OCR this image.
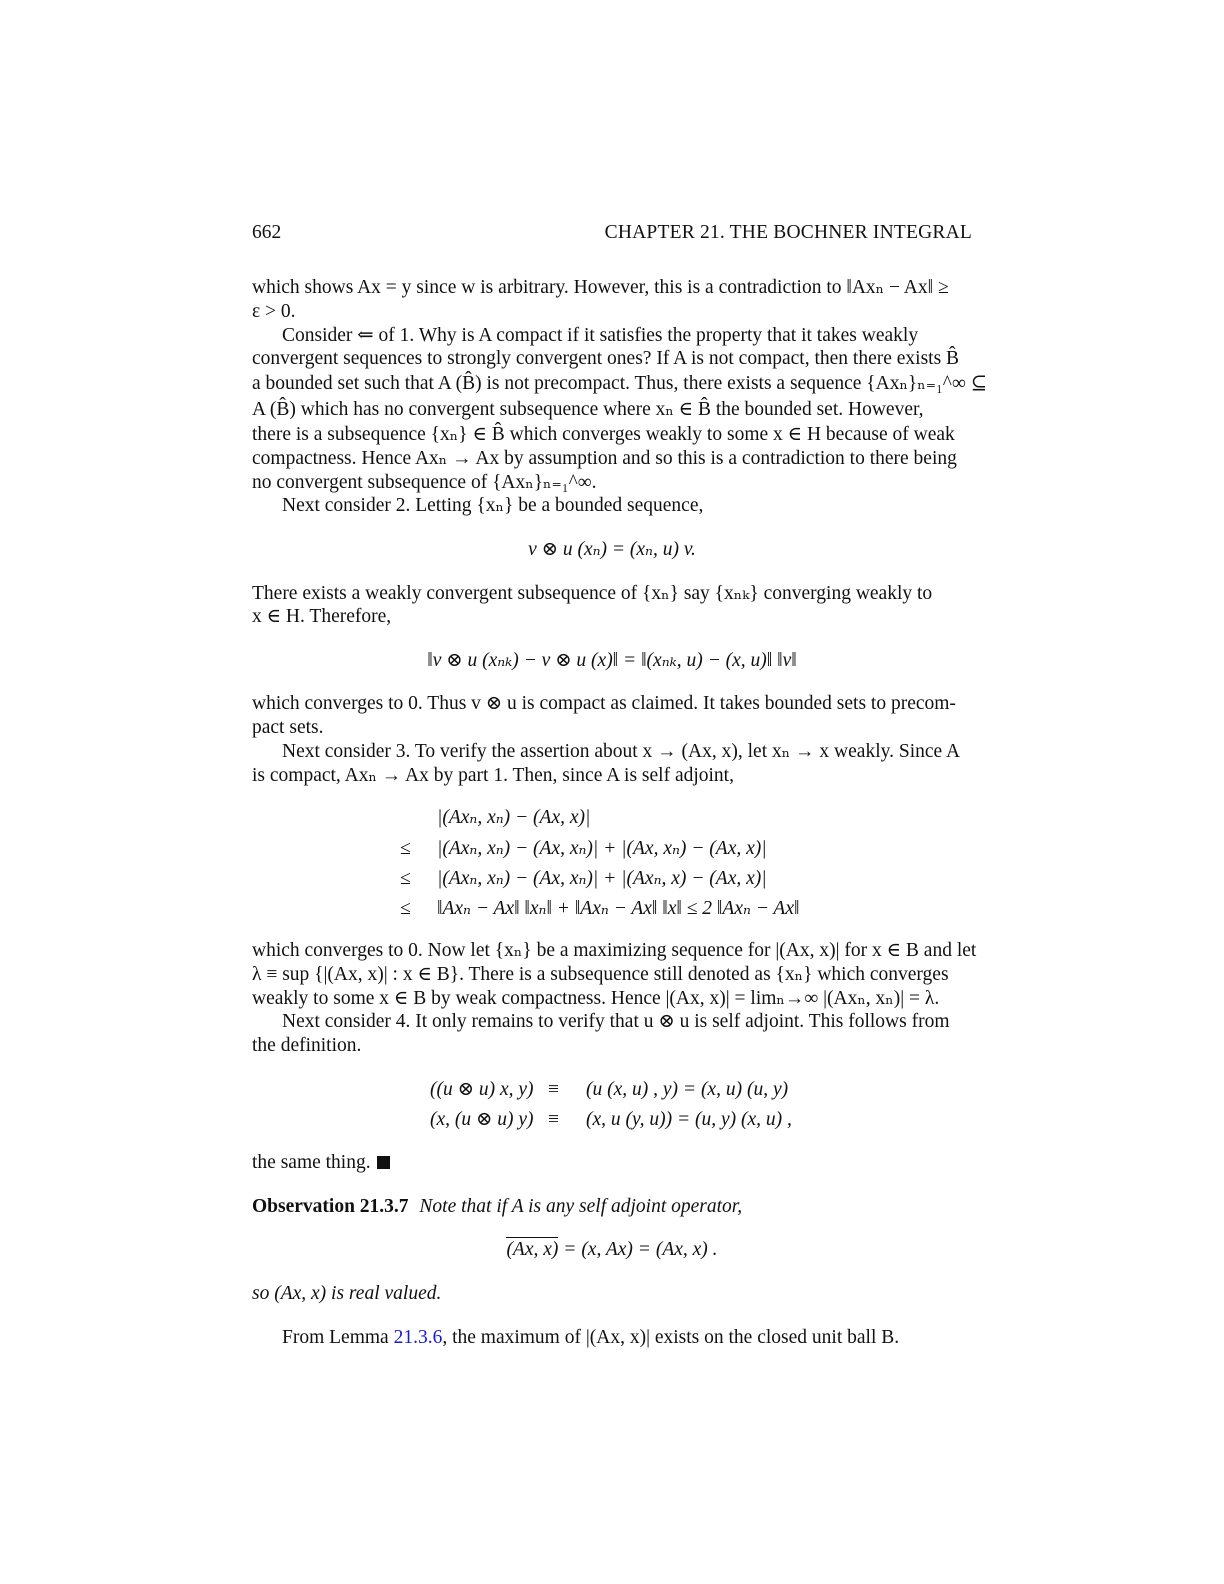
662	CHAPTER 21. THE BOCHNER INTEGRAL
which shows Ax = y since w is arbitrary. However, this is a contradiction to ‖Axₙ − Ax‖ ≥
ε > 0.
Consider ⇐ of 1. Why is A compact if it satisfies the property that it takes weakly
convergent sequences to strongly convergent ones? If A is not compact, then there exists B̂
a bounded set such that A (B̂) is not precompact. Thus, there exists a sequence {Axₙ}ₙ₌₁^∞ ⊆
A (B̂) which has no convergent subsequence where xₙ ∈ B̂ the bounded set. However,
there is a subsequence {xₙ} ∈ B̂ which converges weakly to some x ∈ H because of weak
compactness. Hence Axₙ → Ax by assumption and so this is a contradiction to there being
no convergent subsequence of {Axₙ}ₙ₌₁^∞.
Next consider 2. Letting {xₙ} be a bounded sequence,
v ⊗ u (xₙ) = (xₙ, u) v.
There exists a weakly convergent subsequence of {xₙ} say {xₙₖ} converging weakly to
x ∈ H. Therefore,
‖v ⊗ u (xₙₖ) − v ⊗ u (x)‖ = ‖(xₙₖ, u) − (x, u)‖ ‖v‖
which converges to 0. Thus v ⊗ u is compact as claimed. It takes bounded sets to precom-
pact sets.
Next consider 3. To verify the assertion about x → (Ax, x), let xₙ → x weakly. Since A
is compact, Axₙ → Ax by part 1. Then, since A is self adjoint,
|(Axₙ, xₙ) − (Ax, x)|
≤ |(Axₙ, xₙ) − (Ax, xₙ)| + |(Ax, xₙ) − (Ax, x)|
≤ |(Axₙ, xₙ) − (Ax, xₙ)| + |(Axₙ, x) − (Ax, x)|
≤ ‖Axₙ − Ax‖ ‖xₙ‖ + ‖Axₙ − Ax‖ ‖x‖ ≤ 2 ‖Axₙ − Ax‖
which converges to 0. Now let {xₙ} be a maximizing sequence for |(Ax, x)| for x ∈ B and let
λ ≡ sup {|(Ax, x)| : x ∈ B}. There is a subsequence still denoted as {xₙ} which converges
weakly to some x ∈ B by weak compactness. Hence |(Ax, x)| = limₙ→∞ |(Axₙ, xₙ)| = λ.
Next consider 4. It only remains to verify that u ⊗ u is self adjoint. This follows from
the definition.
((u ⊗ u) x, y) ≡ (u (x, u) , y) = (x, u) (u, y)
(x, (u ⊗ u) y) ≡ (x, u (y, u)) = (u, y) (x, u) ,
the same thing.
Observation 21.3.7 Note that if A is any self adjoint operator,
(Ax, x) = (x, Ax) = (Ax, x) .
so (Ax, x) is real valued.
From Lemma 21.3.6, the maximum of |(Ax, x)| exists on the closed unit ball B.
